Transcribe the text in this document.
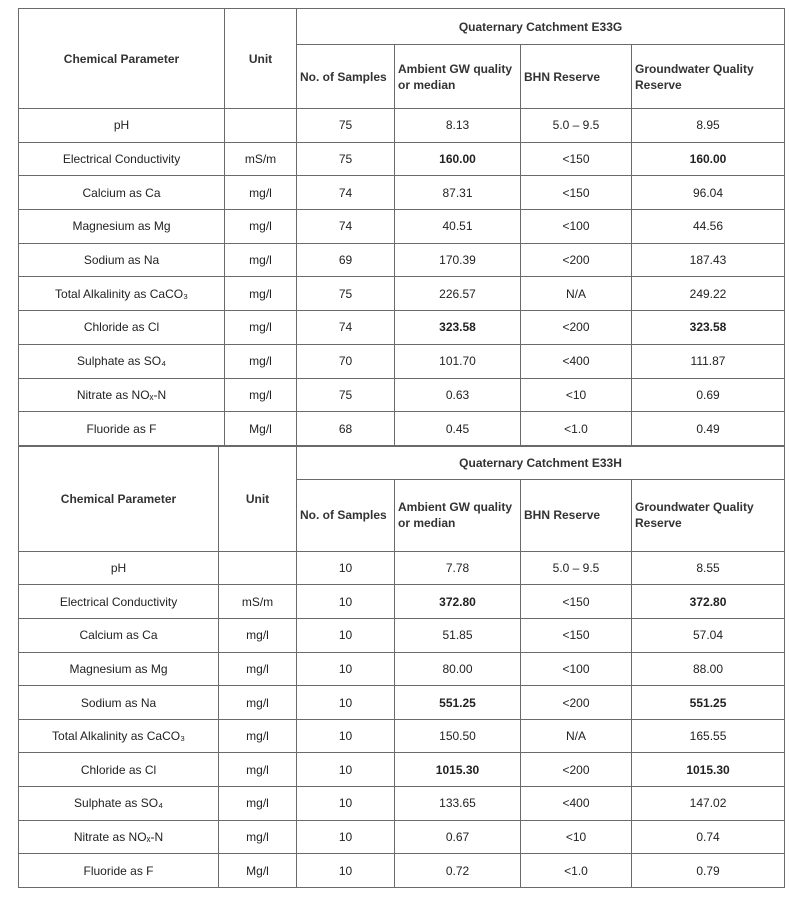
Chemical Parameter	Unit	Quaternary Catchment E33G			
		No. of Samples	Ambient GW quality or median	BHN Reserve	Groundwater Quality Reserve
pH		75	8.13	5.0 – 9.5	8.95
Electrical Conductivity	mS/m	75	160.00	<150	160.00
Calcium as Ca	mg/l	74	87.31	<150	96.04
Magnesium as Mg	mg/l	74	40.51	<100	44.56
Sodium as Na	mg/l	69	170.39	<200	187.43
Total Alkalinity as CaCO₃	mg/l	75	226.57	N/A	249.22
Chloride as Cl	mg/l	74	323.58	<200	323.58
Sulphate as SO₄	mg/l	70	101.70	<400	111.87
Nitrate as NOₓ-N	mg/l	75	0.63	<10	0.69
Fluoride as F	Mg/l	68	0.45	<1.0	0.49
Chemical Parameter	Unit	Quaternary Catchment E33H			
		No. of Samples	Ambient GW quality or median	BHN Reserve	Groundwater Quality Reserve
pH		10	7.78	5.0 – 9.5	8.55
Electrical Conductivity	mS/m	10	372.80	<150	372.80
Calcium as Ca	mg/l	10	51.85	<150	57.04
Magnesium as Mg	mg/l	10	80.00	<100	88.00
Sodium as Na	mg/l	10	551.25	<200	551.25
Total Alkalinity as CaCO₃	mg/l	10	150.50	N/A	165.55
Chloride as Cl	mg/l	10	1015.30	<200	1015.30
Sulphate as SO₄	mg/l	10	133.65	<400	147.02
Nitrate as NOₓ-N	mg/l	10	0.67	<10	0.74
Fluoride as F	Mg/l	10	0.72	<1.0	0.79
